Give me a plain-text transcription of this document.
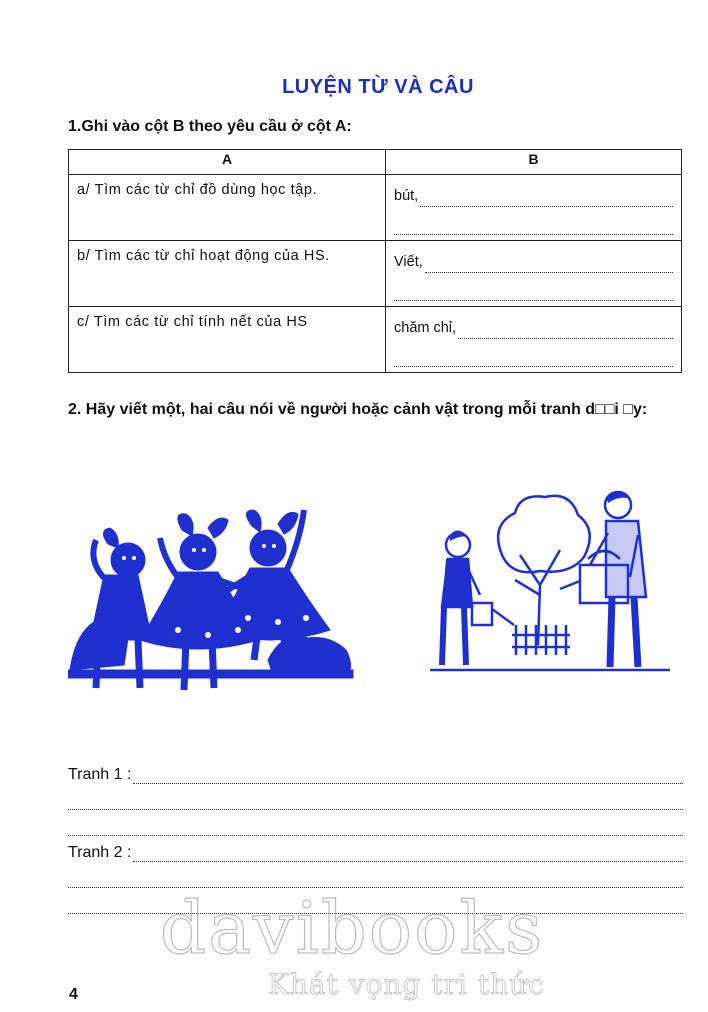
LUYỆN TỪ VÀ CÂU
1.Ghi vào cột B theo yêu cầu ở cột A:
A	B
a/ Tìm các từ chỉ đồ dùng học tập.	bút,

b/ Tìm các từ chỉ hoạt động của HS.	Viết,

c/ Tìm các từ chỉ tính nết của HS	chăm chỉ,
2. Hãy viết một, hai câu nói về người hoặc cảnh vật trong mỗi tranh d□□i □y:
Tranh 1 :
Tranh 2 :
davibooks
Khát vọng tri thức
4
